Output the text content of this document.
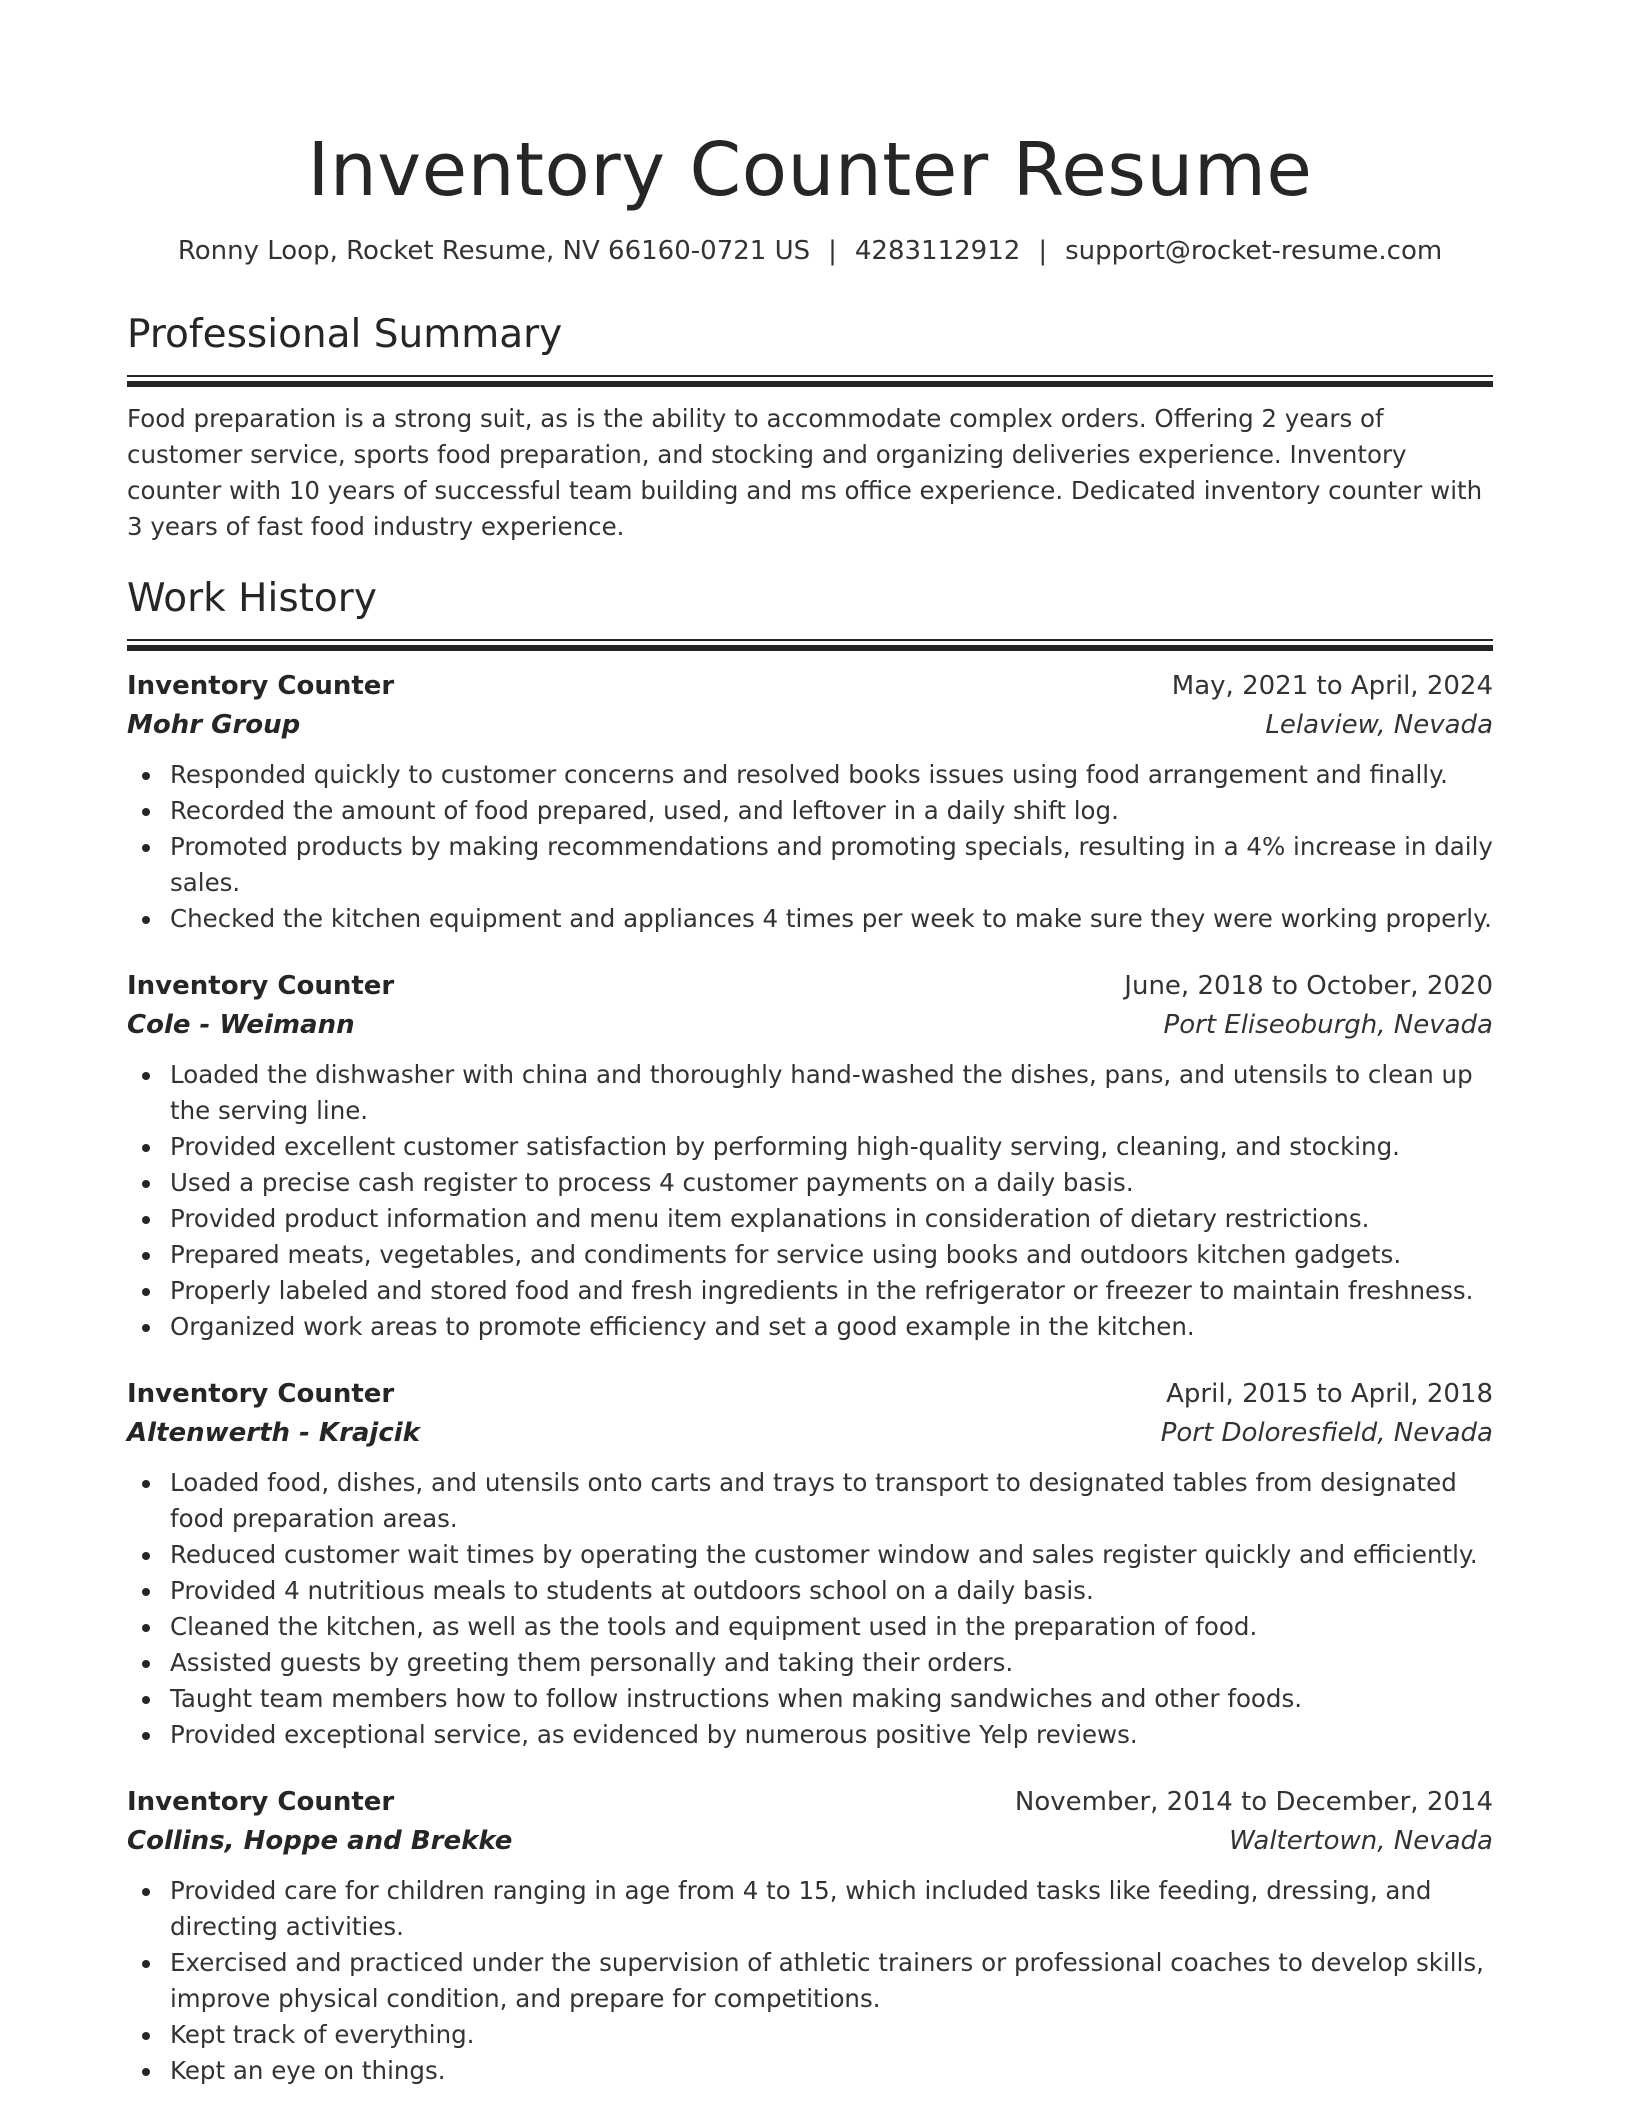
Inventory Counter Resume
Ronny Loop, Rocket Resume, NV 66160-0721 US | 4283112912 | support@rocket-resume.com
Professional Summary

Food preparation is a strong suit, as is the ability to accommodate complex orders. Offering 2 years of customer service, sports food preparation, and stocking and organizing deliveries experience. Inventory counter with 10 years of successful team building and ms office experience. Dedicated inventory counter with 3 years of fast food industry experience.

Work History
Inventory Counter	May, 2021 to April, 2024
Mohr Group	Lelaview, Nevada
Responded quickly to customer concerns and resolved books issues using food arrangement and finally.
Recorded the amount of food prepared, used, and leftover in a daily shift log.
Promoted products by making recommendations and promoting specials, resulting in a 4% increase in daily sales.
Checked the kitchen equipment and appliances 4 times per week to make sure they were working properly.
Inventory Counter	June, 2018 to October, 2020
Cole - Weimann	Port Eliseoburgh, Nevada
Loaded the dishwasher with china and thoroughly hand-washed the dishes, pans, and utensils to clean up the serving line.
Provided excellent customer satisfaction by performing high-quality serving, cleaning, and stocking.
Used a precise cash register to process 4 customer payments on a daily basis.
Provided product information and menu item explanations in consideration of dietary restrictions.
Prepared meats, vegetables, and condiments for service using books and outdoors kitchen gadgets.
Properly labeled and stored food and fresh ingredients in the refrigerator or freezer to maintain freshness.
Organized work areas to promote efficiency and set a good example in the kitchen.
Inventory Counter	April, 2015 to April, 2018
Altenwerth - Krajcik	Port Doloresfield, Nevada
Loaded food, dishes, and utensils onto carts and trays to transport to designated tables from designated food preparation areas.
Reduced customer wait times by operating the customer window and sales register quickly and efficiently.
Provided 4 nutritious meals to students at outdoors school on a daily basis.
Cleaned the kitchen, as well as the tools and equipment used in the preparation of food.
Assisted guests by greeting them personally and taking their orders.
Taught team members how to follow instructions when making sandwiches and other foods.
Provided exceptional service, as evidenced by numerous positive Yelp reviews.
Inventory Counter	November, 2014 to December, 2014
Collins, Hoppe and Brekke	Waltertown, Nevada
Provided care for children ranging in age from 4 to 15, which included tasks like feeding, dressing, and directing activities.
Exercised and practiced under the supervision of athletic trainers or professional coaches to develop skills, improve physical condition, and prepare for competitions.
Kept track of everything.
Kept an eye on things.
